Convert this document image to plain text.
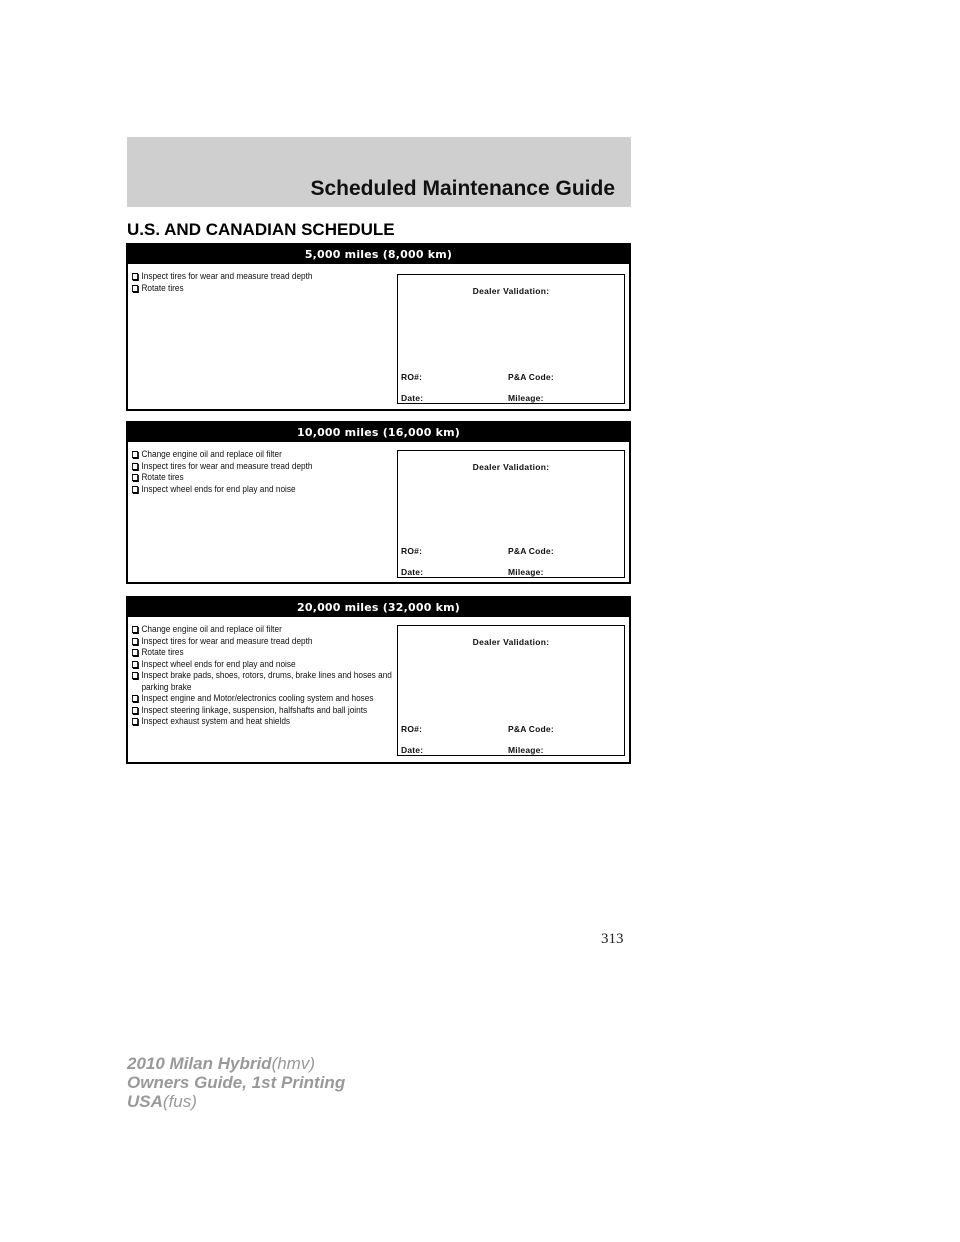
Scheduled Maintenance Guide
U.S. AND CANADIAN SCHEDULE
5,000 miles (8,000 km)
Inspect tires for wear and measure tread depth
Rotate tires	Dealer Validation:
RO#:	P&A Code:
Date:	Mileage:
10,000 miles (16,000 km)
Change engine oil and replace oil filter
Inspect tires for wear and measure tread depth
Rotate tires
Inspect wheel ends for end play and noise
Dealer Validation:
RO#:	P&A Code:
Date:	Mileage:
20,000 miles (32,000 km)
Change engine oil and replace oil filter
Inspect tires for wear and measure tread depth
Rotate tires
Inspect wheel ends for end play and noise
Inspect brake pads, shoes, rotors, drums, brake lines and hoses and parking brake
Inspect engine and Motor/electronics cooling system and hoses
Inspect steering linkage, suspension, halfshafts and ball joints
Inspect exhaust system and heat shields
Dealer Validation:
RO#:	P&A Code:
Date:	Mileage:
313
2010 Milan Hybrid(hmv)
Owners Guide, 1st Printing
USA(fus)
